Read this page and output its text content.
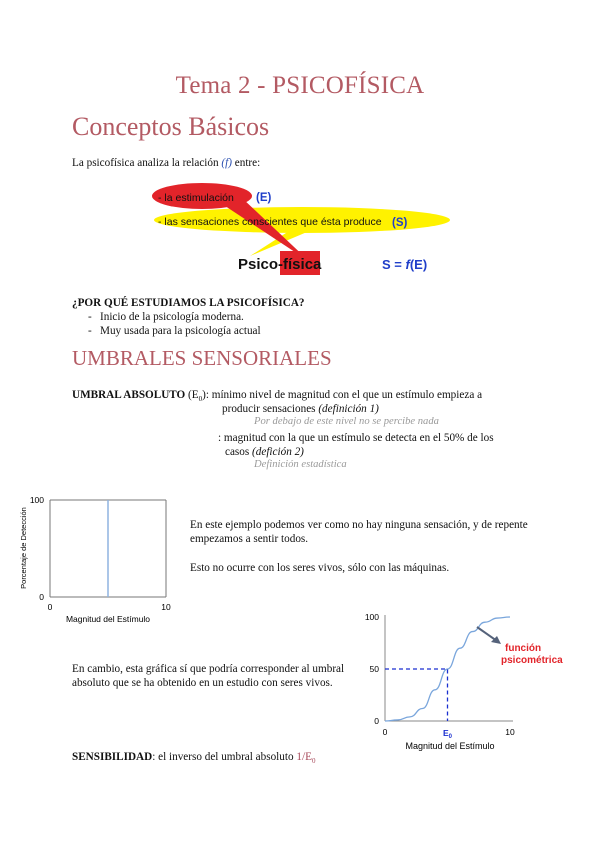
Tema 2 - PSICOFÍSICA
Conceptos Básicos
La psicofísica analiza la relación (f) entre:
- la estimulación (E)
- las sensaciones conscientes que ésta produce (S)
Psico-física	S = f(E)
¿POR QUÉ ESTUDIAMOS LA PSICOFÍSICA?
- Inicio de la psicología moderna.
- Muy usada para la psicología actual
UMBRALES SENSORIALES
UMBRAL ABSOLUTO $(E_0)$: mínimo nivel de magnitud con el que un estímulo empieza a
producir sensaciones (definición 1)
Por debajo de este nivel no se percibe nada
: magnitud con la que un estímulo se detecta en el 50% de los
casos (defición 2)
Definición estadística
100
0
0	10
Magnitud del Estímulo
Porcentaje de Detección	En este ejemplo podemos ver como no hay ninguna sensación, y de repente empezamos a sentir todos.
Esto no ocurre con los seres vivos, sólo con las máquinas.
100
50
0
0	10
$E_0$
Magnitud del Estímulo
función psicométrica
En cambio, esta gráfica sí que podría corresponder al umbral absoluto que se ha obtenido en un estudio con seres vivos.
SENSIBILIDAD: el inverso del umbral absoluto $1/E_0$
